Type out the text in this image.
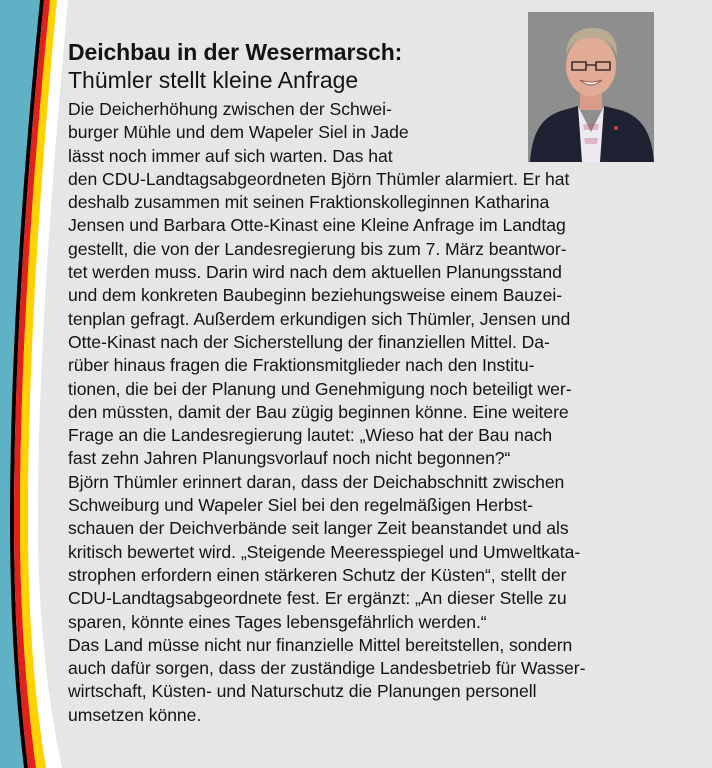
Deichbau in der Wesermarsch:
Thümler stellt kleine Anfrage
Die Deicherhöhung zwischen der Schwei-
burger Mühle und dem Wapeler Siel in Jade
lässt noch immer auf sich warten. Das hat
den CDU-Landtagsabgeordneten Björn Thümler alarmiert. Er hat
deshalb zusammen mit seinen Fraktionskolleginnen Katharina
Jensen und Barbara Otte-Kinast eine Kleine Anfrage im Landtag
gestellt, die von der Landesregierung bis zum 7. März beantwor-
tet werden muss. Darin wird nach dem aktuellen Planungsstand
und dem konkreten Baubeginn beziehungsweise einem Bauzei-
tenplan gefragt. Außerdem erkundigen sich Thümler, Jensen und
Otte-Kinast nach der Sicherstellung der finanziellen Mittel. Da-
rüber hinaus fragen die Fraktionsmitglieder nach den Institu-
tionen, die bei der Planung und Genehmigung noch beteiligt wer-
den müssten, damit der Bau zügig beginnen könne. Eine weitere
Frage an die Landesregierung lautet: „Wieso hat der Bau nach
fast zehn Jahren Planungsvorlauf noch nicht begonnen?“
Björn Thümler erinnert daran, dass der Deichabschnitt zwischen
Schweiburg und Wapeler Siel bei den regelmäßigen Herbst-
schauen der Deichverbände seit langer Zeit beanstandet und als
kritisch bewertet wird. „Steigende Meeresspiegel und Umweltkata-
strophen erfordern einen stärkeren Schutz der Küsten“, stellt der
CDU-Landtagsabgeordnete fest. Er ergänzt: „An dieser Stelle zu
sparen, könnte eines Tages lebensgefährlich werden.“
Das Land müsse nicht nur finanzielle Mittel bereitstellen, sondern
auch dafür sorgen, dass der zuständige Landesbetrieb für Wasser-
wirtschaft, Küsten- und Naturschutz die Planungen personell
umsetzen könne.
